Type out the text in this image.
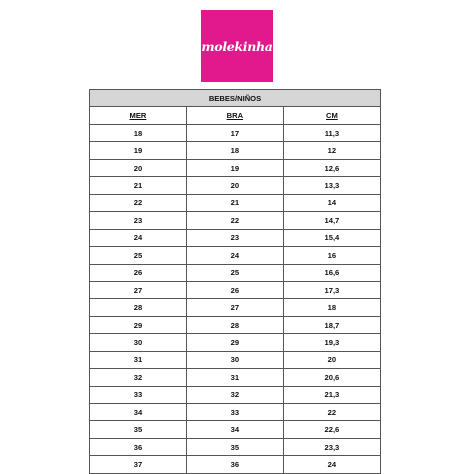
molekinha
BEBES/NIÑOS		
MER	BRA	CM
18	17	11,3
19	18	12
20	19	12,6
21	20	13,3
22	21	14
23	22	14,7
24	23	15,4
25	24	16
26	25	16,6
27	26	17,3
28	27	18
29	28	18,7
30	29	19,3
31	30	20
32	31	20,6
33	32	21,3
34	33	22
35	34	22,6
36	35	23,3
37	36	24
